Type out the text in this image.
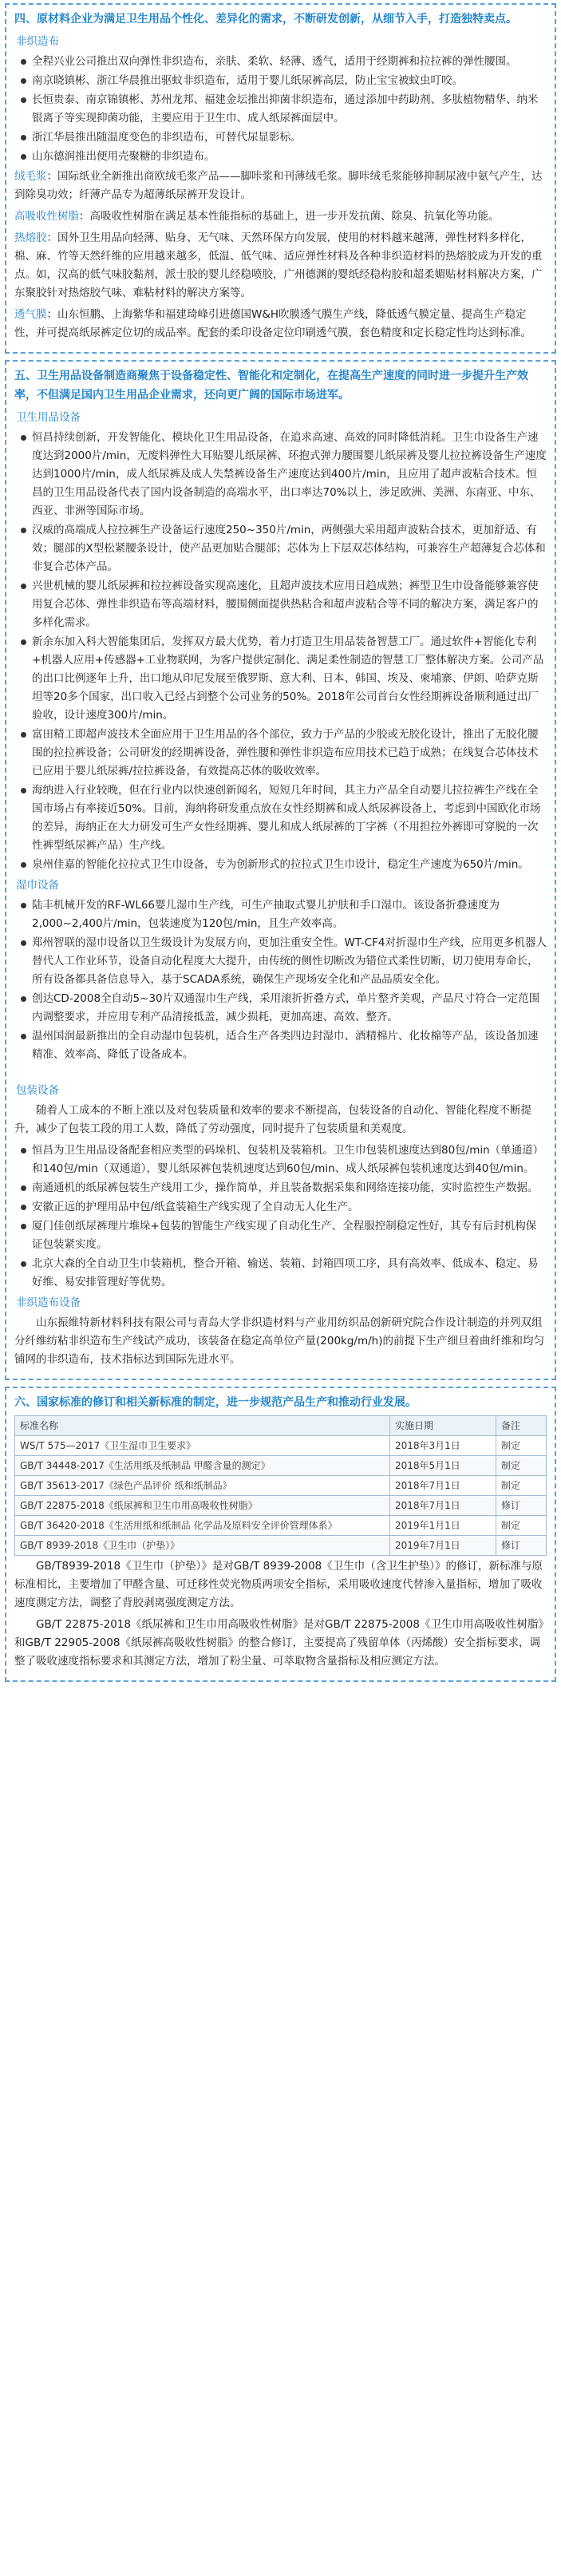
四、原材料企业为满足卫生用品个性化、差异化的需求，不断研发创新，从细节入手，打造独特卖点。
非织造布
全程兴业公司推出双向弹性非织造布，亲肤、柔软、轻薄、透气，适用于经期裤和拉拉裤的弹性腰围。
南京晓镇彬、浙江华晨推出驱蚊非织造布，适用于婴儿纸尿裤高层，防止宝宝被蚊虫叮咬。
长恒贵泰、南京锦镇彬、苏州龙邦、福建金坛推出抑菌非织造布，通过添加中药助剂、多肽植物精华、纳米银离子等实现抑菌功能，主要应用于卫生巾、成人纸尿裤面层中。
浙江华晨推出随温度变色的非织造布，可替代尿显影标。
山东德润推出便用壳聚糖的非织造布。

绒毛浆：国际纸业全新推出商欧绒毛浆产品——脚咔浆和刊薄绒毛浆。脚咔绒毛浆能够抑制尿液中氨气产生，达到除臭功效；纤薄产品专为超薄纸尿裤开发设计。

高吸收性树脂：高吸收性树脂在满足基本性能指标的基础上，进一步开发抗菌、除臭、抗氧化等功能。

热熔胶：国外卫生用品向轻薄、贴身、无气味、天然环保方向发展，使用的材料越来越薄，弹性材料多样化，棉、麻、竹等天然纤维的应用越来越多，低温、低气味、适应弹性材料及各种非织造材料的热熔胶成为开发的重点。如，汉高的低气味胶黏剂，派士胶的婴儿经稳喷胶，广州德渊的婴纸经稳构胶和超柔媚贴材料解决方案，广东聚胶针对热熔胶气味、难粘材料的解决方案等。

透气膜：山东恒鹏、上海紫华和福建琦峰引进德国W&H吹膜透气膜生产线，降低透气膜定量、提高生产稳定性，并可提高纸尿裤定位切的成品率。配套的柔印设备定位印刷透气膜，套色精度和定长稳定性均达到标准。

五、卫生用品设备制造商聚焦于设备稳定性、智能化和定制化，在提高生产速度的同时进一步提升生产效率，不但满足国内卫生用品企业需求，还向更广阔的国际市场进军。
卫生用品设备
恒昌持续创新，开发智能化、模块化卫生用品设备，在追求高速、高效的同时降低消耗。卫生巾设备生产速度达到2000片/min，无废料弹性大耳贴婴儿纸尿裤、环抱式弹力腰围婴儿纸尿裤及婴儿拉拉裤设备生产速度达到1000片/min，成人纸尿裤及成人失禁裤设备生产速度达到400片/min，且应用了超声波粘合技术。恒昌的卫生用品设备代表了国内设备制造的高端水平，出口率达70%以上，涉足欧洲、美洲、东南亚、中东、西亚、非洲等国际市场。
汉威的高端成人拉拉裤生产设备运行速度250~350片/min，两侧强大采用超声波粘合技术，更加舒适、有效；腿部的X型松紧腰条设计，使产品更加贴合腿部；芯体为上下层双芯体结构，可兼容生产超薄复合芯体和非复合芯体产品。
兴世机械的婴儿纸尿裤和拉拉裤设备实现高速化，且超声波技术应用日趋成熟；裤型卫生巾设备能够兼容使用复合芯体、弹性非织造布等高端材料，腰围侧面提供热粘合和超声波粘合等不同的解决方案，满足客户的多样化需求。
新余东加入科大智能集团后，发挥双方最大优势，着力打造卫生用品装备智慧工厂。通过软件+智能化专利+机器人应用+传感器+工业物联网，为客户提供定制化、满足柔性制造的智慧工厂整体解决方案。公司产品的出口比例逐年上升，出口地从印尼发展至俄罗斯、意大利、日本、韩国、埃及、柬埔寨、伊朗、哈萨克斯坦等20多个国家，出口收入已经占到整个公司业务的50%。2018年公司首台女性经期裤设备顺利通过出厂验收，设计速度300片/min。
富田精工即超声波技术全面应用于卫生用品的各个部位，致力于产品的少胶或无胶化设计，推出了无胶化腰围的拉拉裤设备；公司研发的经期裤设备，弹性腰和弹性非织造布应用技术已趋于成熟；在线复合芯体技术已应用于婴儿纸尿裤/拉拉裤设备，有效提高芯体的吸收效率。
海纳进入行业较晚，但在行业内以快速创新闻名，短短几年时间，其主力产品全自动婴儿拉拉裤生产线在全国市场占有率接近50%。目前，海纳将研发重点放在女性经期裤和成人纸尿裤设备上，考虑到中国欧化市场的差异，海纳正在大力研发可生产女性经期裤、婴儿和成人纸尿裤的丁字裤（不用担拉外裤即可穿脱的一次性裤型纸尿裤产品）生产线。
泉州佳嘉的智能化拉拉式卫生巾设备，专为创新形式的拉拉式卫生巾设计，稳定生产速度为650片/min。
湿巾设备
陆丰机械开发的RF-WL66婴儿湿巾生产线，可生产抽取式婴儿护肤和手口湿巾。该设备折叠速度为2,000~2,400片/min，包装速度为120包/min，且生产效率高。
郑州智联的湿巾设备以卫生级设计为发展方向，更加注重安全性。WT-CF4对折湿巾生产线，应用更多机器人替代人工作业环节，设备自动化程度大大提升，由传统的侧性切断改为错位式柔性切断，切刀使用寿命长，所有设备都具备信息导入，基于SCADA系统，确保生产现场安全化和产品品质安全化。
创达CD-2008全自动5~30片双通湿巾生产线，采用滚折折叠方式，单片整齐美观，产品尺寸符合一定范围内调整要求，并应用专利产品清接抵盖，减少损耗，更加高速、高效、整齐。
温州国润最新推出的全自动湿巾包装机，适合生产各类四边封湿巾、酒精棉片、化妆棉等产品，该设备加速精准、效率高、降低了设备成本。
包装设备

随着人工成本的不断上涨以及对包装质量和效率的要求不断提高，包装设备的自动化、智能化程度不断提升，减少了包装工段的用工人数，降低了劳动强度，同时提升了包装质量和美观度。

恒昌为卫生用品设备配套相应类型的码垛机、包装机及装箱机。卫生巾包装机速度达到80包/min（单通道）和140包/min（双通道），婴儿纸尿裤包装机速度达到60包/min、成人纸尿裤包装机速度达到40包/min。
南通通机的纸尿裤包装生产线用工少，操作简单，并且装备数据采集和网络连接功能，实时监控生产数据。
安徽正远的护理用品中包/纸盒装箱生产线实现了全自动无人化生产。
厦门佳创纸尿裤理片堆垛+包装的智能生产线实现了自动化生产、全程服控制稳定性好，其专有后封机构保证包装紧实度。
北京大森的全自动卫生巾装箱机，整合开箱、输送、装箱、封箱四项工序，具有高效率、低成本、稳定、易好维、易安排管理好等优势。
非织造布设备

山东振维特新材料科技有限公司与青岛大学非织造材料与产业用纺织品创新研究院合作设计制造的并列双组分纤维纺粘非织造布生产线试产成功，该装备在稳定高单位产量(200kg/m/h)的前提下生产细旦着曲纤维和均匀铺网的非织造布，技术指标达到国际先进水平。

六、国家标准的修订和相关新标准的制定，进一步规范产品生产和推动行业发展。
标准名称	实施日期	备注
WS/T 575—2017《卫生湿巾卫生要求》	2018年3月1日	制定
GB/T 34448-2017《生活用纸及纸制品 甲醛含量的测定》	2018年5月1日	制定
GB/T 35613-2017《绿色产品评价 纸和纸制品》	2018年7月1日	制定
GB/T 22875-2018《纸尿裤和卫生巾用高吸收性树脂》	2018年7月1日	修订
GB/T 36420-2018《生活用纸和纸制品 化学品及原料安全评价管理体系》	2019年1月1日	制定
GB/T 8939-2018《卫生巾（护垫）》	2019年7月1日	修订

GB/T8939-2018《卫生巾（护垫）》是对GB/T 8939-2008《卫生巾（含卫生护垫）》的修订，新标准与原标准相比，主要增加了甲醛含量、可迁移性荧光物质两项安全指标，采用吸收速度代替渗入量指标，增加了吸收速度测定方法，调整了背胶剥离强度测定方法。

GB/T 22875-2018《纸尿裤和卫生巾用高吸收性树脂》是对GB/T 22875-2008《卫生巾用高吸收性树脂》和GB/T 22905-2008《纸尿裤高吸收性树脂》的整合修订，主要提高了残留单体（丙烯酸）安全指标要求，调整了吸收速度指标要求和其测定方法，增加了粉尘量、可萃取物含量指标及相应测定方法。
